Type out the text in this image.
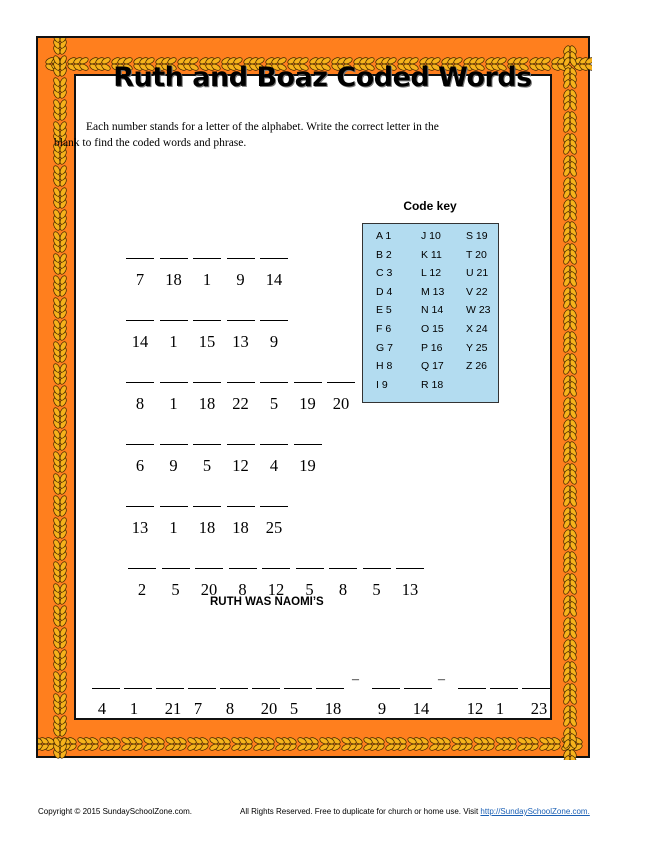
Ruth and Boaz Coded Words
Each number stands for a letter of the alphabet. Write the correct letter in the blank to find the coded words and phrase.
7	18	1	9	14
14	1	15	13	9
8	1	18	22	5	19	20
6	9	5	12	4	19
13	1	18	18	25
2	5	20	8	12	5	8	5	13
Code key
A 1
B 2
C 3
D 4
E 5
F 6
G 7
H 8
I 9
J 10
K 11
L 12
M 13
N 14
O 15
P 16
Q 17
R 18
S 19
T 20
U 21
V 22
W 23
X 24
Y 25
Z 26
RUTH WAS NAOMI’S
4	1	21 7	8	20 5	18	9	14	12 1	23
–	–
Copyright © 2015 SundaySchoolZone.com.	All Rights Reserved. Free to duplicate for church or home use. Visit http://SundaySchoolZone.com.
